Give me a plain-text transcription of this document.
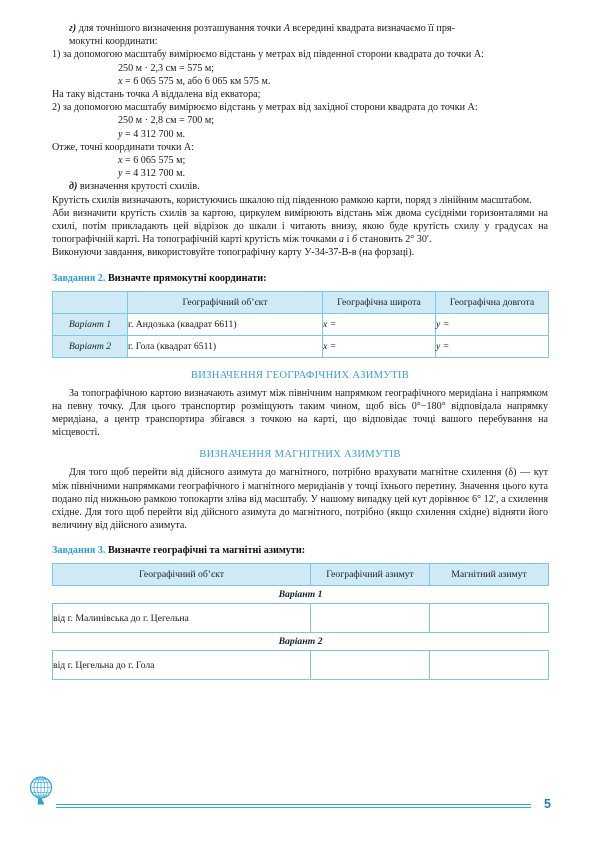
г) для точнішого визначення розташування точки A всередині квадрата визначаємо її пря-

мокутні координати:

1) за допомогою масштабу вимірюємо відстань у метрах від південної сторони квадрата до точки A:

250 м · 2,3 см = 575 м;

x = 6 065 575 м, або 6 065 км 575 м.

На таку відстань точка A віддалена від екватора;

2) за допомогою масштабу вимірюємо відстань у метрах від західної сторони квадрата до точки A:

250 м · 2,8 см = 700 м;

y = 4 312 700 м.

Отже, точні координати точки A:

x = 6 065 575 м;

y = 4 312 700 м.

д) визначення крутості схилів.

Крутість схилів визначають, користуючись шкалою під південною рамкою карти, поряд з лінійним масштабом.

Аби визначити крутість схилів за картою, циркулем вимірюють відстань між двома сусідніми горизонталями на схилі, потім прикладають цей відрізок до шкали і читають внизу, якою буде крутість схилу у градусах на топографічній карті. На топографічній карті крутість між точками а і б становить 2° 30′.

Виконуючи завдання, використовуйте топографічну карту У-34-37-В-в (на форзаці).

Завдання 2. Визначте прямокутні координати:

	Географічний об’єкт	Географічна широта	Географічна довгота
Варіант 1	г. Андозька (квадрат 6611)	x =	y =
Варіант 2	г. Гола (квадрат 6511)	x =	y =
ВИЗНАЧЕННЯ ГЕОГРАФІЧНИХ АЗИМУТІВ

За топографічною картою визначають азимут між північним напрямком географічного меридіана і напрямком на певну точку. Для цього транспортир розміщують таким чином, щоб вісь 0°−180° відповідала напрямку меридіана, а центр транспортира збігався з точкою на карті, що відповідає точці вашого перебування на місцевості.

ВИЗНАЧЕННЯ МАГНІТНИХ АЗИМУТІВ

Для того щоб перейти від дійсного азимута до магнітного, потрібно врахувати магнітне схилення (δ) — кут між північними напрямками географічного і магнітного меридіанів у точці їхнього перетину. Значення цього кута подано під нижньою рамкою топокарти зліва від масштабу. У нашому випадку цей кут дорівнює 6° 12′, а схилення східне. Для того щоб перейти від дійсного азимута до магнітного, потрібно (якщо схилення східне) відняти його величину від дійсного азимута.

Завдання 3. Визначте географічні та магнітні азимути:

Географічний об’єкт	Географічний азимут	Магнітний азимут
Варіант 1		
від г. Малинівська до г. Цегельна		
Варіант 2		
від г. Цегельна до г. Гола		
5
